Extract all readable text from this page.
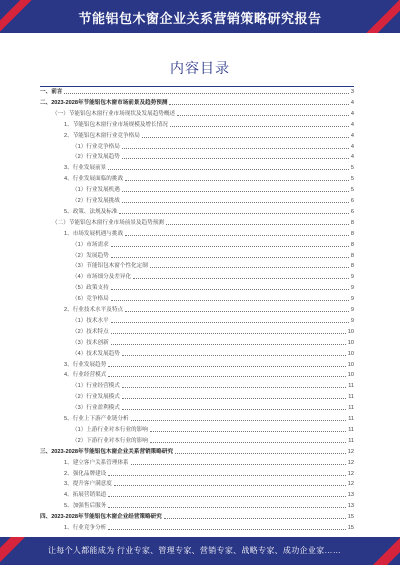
节能铝包木窗企业关系营销策略研究报告
内容目录
一、前言	3
二、2023-2028年节能铝包木窗市场前景及趋势预测	4
（一）节能铝包木窗行业市场现状及发展趋势概述	4
1、节能铝包木窗行业市场规模及增长情况	4
2、节能铝包木窗行业竞争格局	4
（1）行业竞争格局	4
（2）行业发展趋势	4
3、行业发展前景	5
4、行业发展面临的挑战	5
（1）行业发展机遇	5
（2）行业发展挑战	6
5、政策、法规及标准	6
（二）节能铝包木窗行业市场前景及趋势预测	8
1、市场发展机遇与挑战	8
（1）市场需求	8
（2）发展趋势	8
（3）节能铝包木窗个性化定制	8
（4）市场细分及差异化	9
（5）政策支持	9
（6）竞争格局	9
2、行业技术水平及特点	9
（1）技术水平	9
（2）技术特点	10
（3）技术创新	10
（4）技术发展趋势	10
3、行业发展趋势	10
4、行业经营模式	10
（1）行业经营模式	11
（2）行业发展模式	11
（3）行业盈利模式	11
5、行业上下游产业链分析	11
（1）上游行业对本行业的影响	11
（2）下游行业对本行业的影响	11
三、2023-2028年节能铝包木窗企业关系营销策略研究	12
1、建立客户关系管理体系	12
2、强化品牌建设	12
3、提升客户满意度	12
4、拓展营销渠道	13
5、加强售后服务	13
四、2023-2028年节能铝包木窗企业经营策略研究	15
1、行业竞争分析	15
让每个人都能成为 行业专家、管理专家、营销专家、战略专家、成功企业家……
